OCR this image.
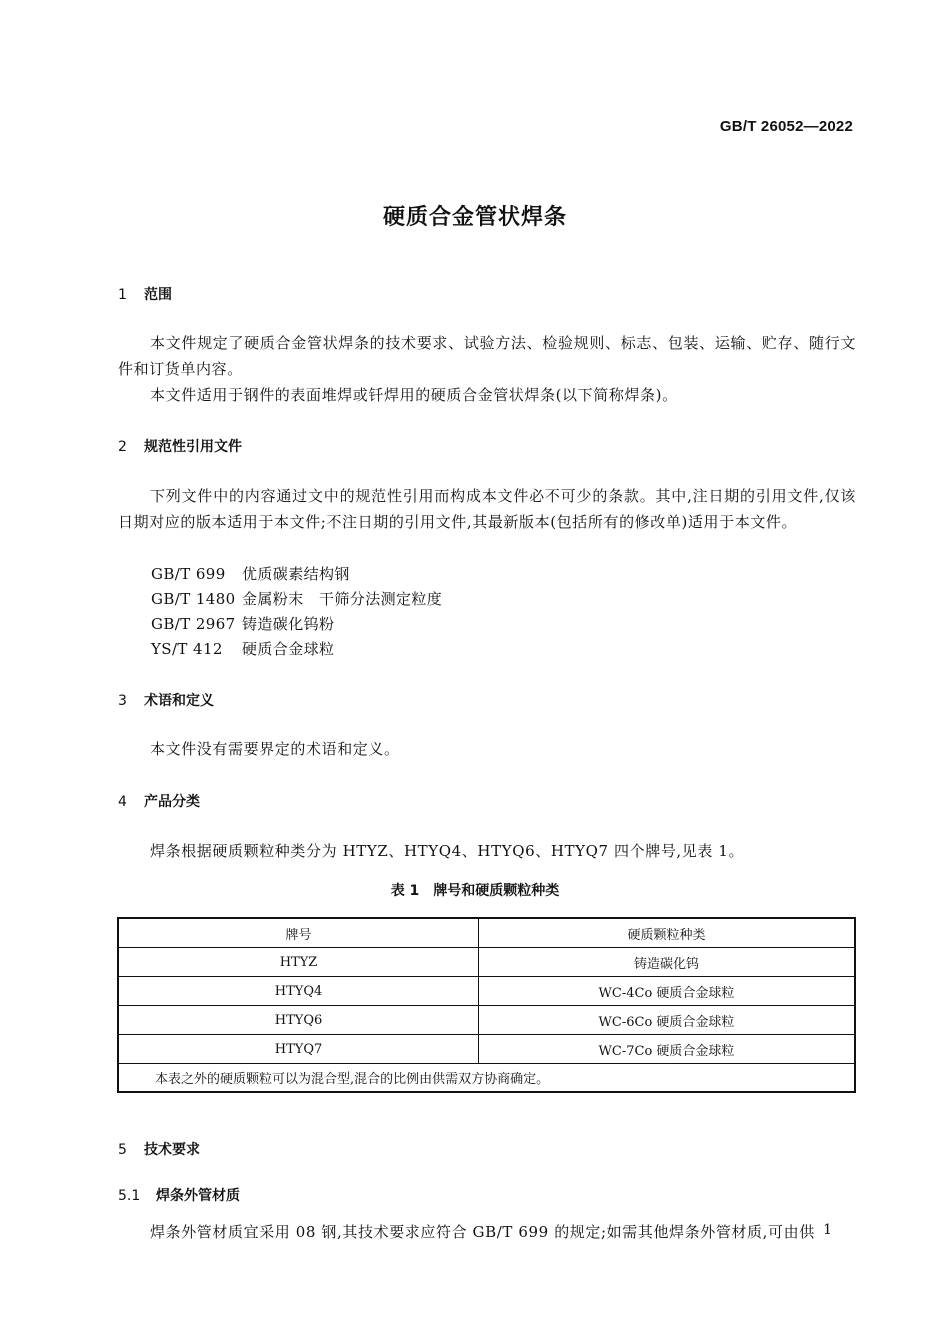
GB/T 26052—2022
硬质合金管状焊条
1 范围
本文件规定了硬质合金管状焊条的技术要求、试验方法、检验规则、标志、包装、运输、贮存、随行文件和订货单内容。
本文件适用于钢件的表面堆焊或钎焊用的硬质合金管状焊条(以下简称焊条)。
2 规范性引用文件
下列文件中的内容通过文中的规范性引用而构成本文件必不可少的条款。其中,注日期的引用文件,仅该日期对应的版本适用于本文件;不注日期的引用文件,其最新版本(包括所有的修改单)适用于本文件。
GB/T 699 优质碳素结构钢
GB/T 1480 金属粉末　干筛分法测定粒度
GB/T 2967 铸造碳化钨粉
YS/T 412 硬质合金球粒
3 术语和定义
本文件没有需要界定的术语和定义。
4 产品分类
焊条根据硬质颗粒种类分为 HTYZ、HTYQ4、HTYQ6、HTYQ7 四个牌号,见表 1。
表 1 牌号和硬质颗粒种类
牌号	硬质颗粒种类
HTYZ	铸造碳化钨
HTYQ4	WC-4Co 硬质合金球粒
HTYQ6	WC-6Co 硬质合金球粒
HTYQ7	WC-7Co 硬质合金球粒
本表之外的硬质颗粒可以为混合型,混合的比例由供需双方协商确定。	
5 技术要求
5.1 焊条外管材质
焊条外管材质宜采用 08 钢,其技术要求应符合 GB/T 699 的规定;如需其他焊条外管材质,可由供 1
